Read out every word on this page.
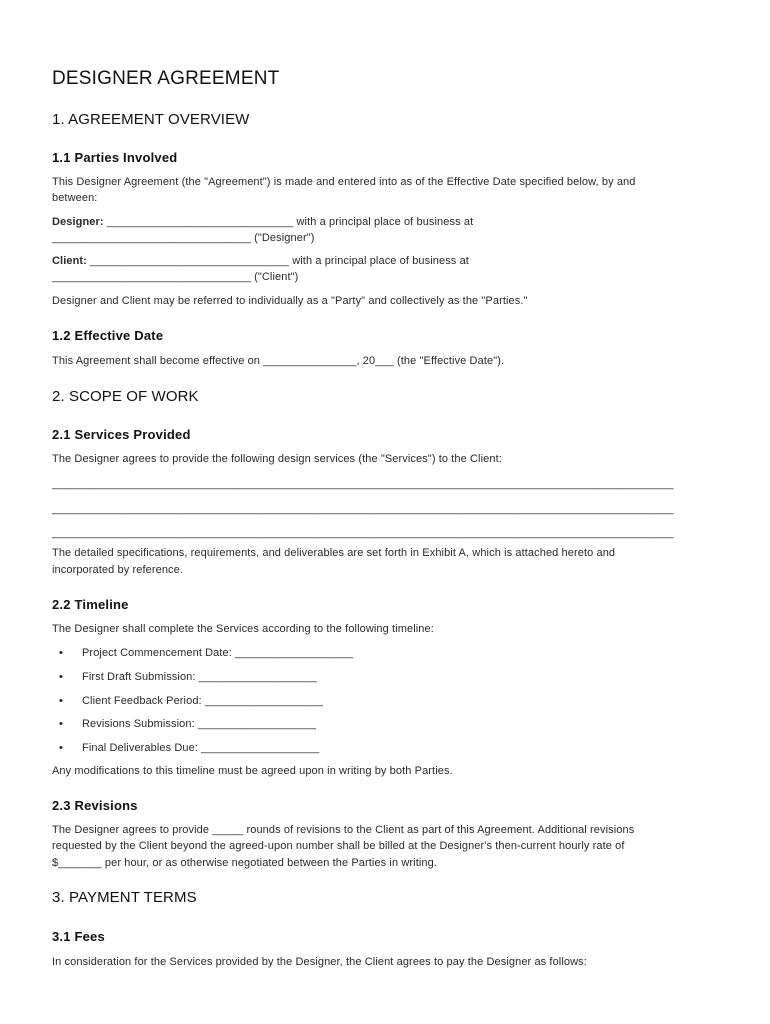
DESIGNER AGREEMENT
1. AGREEMENT OVERVIEW
1.1 Parties Involved
This Designer Agreement (the "Agreement") is made and entered into as of the Effective Date specified below, by and
between:
Designer: ______________________________ with a principal place of business at
________________________________ ("Designer")
Client: ________________________________ with a principal place of business at
________________________________ ("Client")
Designer and Client may be referred to individually as a "Party" and collectively as the "Parties."
1.2 Effective Date
This Agreement shall become effective on _______________, 20___ (the "Effective Date").
2. SCOPE OF WORK
2.1 Services Provided
The Designer agrees to provide the following design services (the "Services") to the Client:
____________________________________________________________________________________________________
____________________________________________________________________________________________________
____________________________________________________________________________________________________
The detailed specifications, requirements, and deliverables are set forth in Exhibit A, which is attached hereto and
incorporated by reference.
2.2 Timeline
The Designer shall complete the Services according to the following timeline:
• Project Commencement Date: ___________________
• First Draft Submission: ___________________
• Client Feedback Period: ___________________
• Revisions Submission: ___________________
• Final Deliverables Due: ___________________
Any modifications to this timeline must be agreed upon in writing by both Parties.
2.3 Revisions
The Designer agrees to provide _____ rounds of revisions to the Client as part of this Agreement. Additional revisions
requested by the Client beyond the agreed-upon number shall be billed at the Designer's then-current hourly rate of
$_______ per hour, or as otherwise negotiated between the Parties in writing.
3. PAYMENT TERMS
3.1 Fees
In consideration for the Services provided by the Designer, the Client agrees to pay the Designer as follows:
